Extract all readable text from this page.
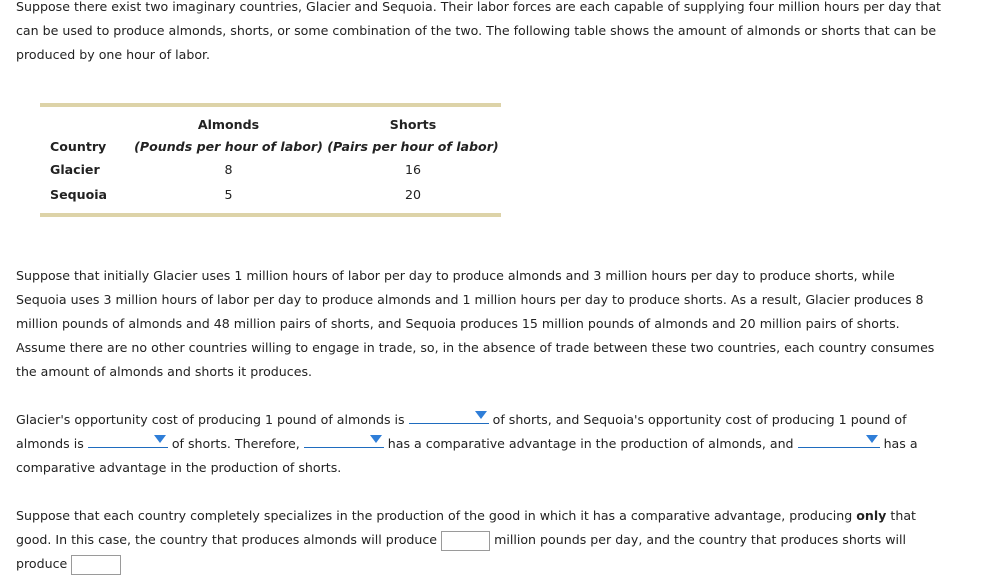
Suppose there exist two imaginary countries, Glacier and Sequoia. Their labor forces are each capable of supplying four million hours per day that can be used to produce almonds, shorts, or some combination of the two. The following table shows the amount of almonds or shorts that can be produced by one hour of labor.

	Almonds	Shorts
Country	(Pounds per hour of labor)	(Pairs per hour of labor)
Glacier	8	16
Sequoia	5	20

Suppose that initially Glacier uses 1 million hours of labor per day to produce almonds and 3 million hours per day to produce shorts, while Sequoia uses 3 million hours of labor per day to produce almonds and 1 million hours per day to produce shorts. As a result, Glacier produces 8 million pounds of almonds and 48 million pairs of shorts, and Sequoia produces 15 million pounds of almonds and 20 million pairs of shorts. Assume there are no other countries willing to engage in trade, so, in the absence of trade between these two countries, each country consumes the amount of almonds and shorts it produces.

Glacier's opportunity cost of producing 1 pound of almonds is	of shorts, and Sequoia's opportunity cost of producing 1 pound of almonds is	of shorts. Therefore,	has a comparative advantage in the production of almonds, and	has a comparative advantage in the production of shorts.

Suppose that each country completely specializes in the production of the good in which it has a comparative advantage, producing only that good. In this case, the country that produces almonds will produce	million pounds per day, and the country that produces shorts will produce
